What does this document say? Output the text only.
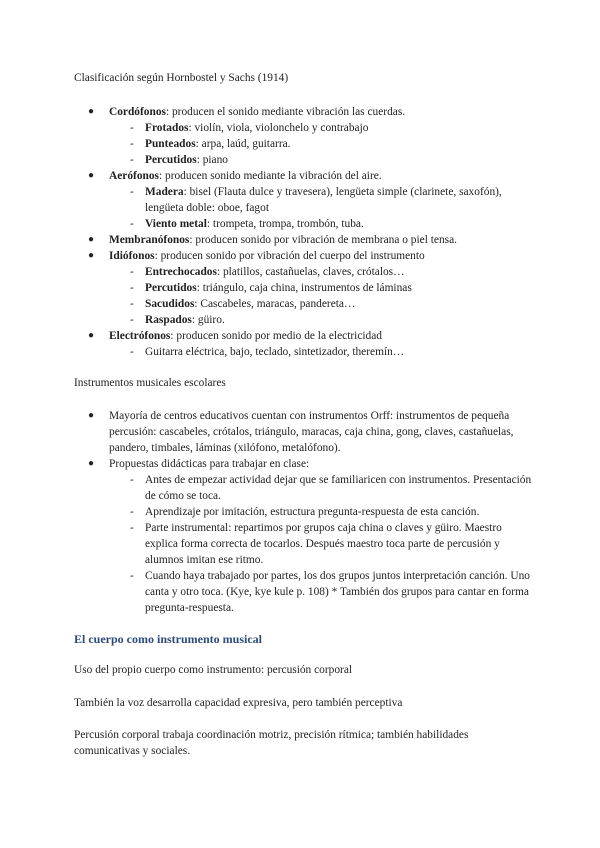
Clasificación según Hornbostel y Sachs (1914)

● Cordófonos: producen el sonido mediante vibración las cuerdas.
- Frotados: violín, viola, violonchelo y contrabajo
- Punteados: arpa, laúd, guitarra.
- Percutidos: piano
● Aerófonos: producen sonido mediante la vibración del aire.
- Madera: bisel (Flauta dulce y travesera), lengüeta simple (clarinete, saxofón), lengüeta doble: oboe, fagot
- Viento metal: trompeta, trompa, trombón, tuba.
● Membranófonos: producen sonido por vibración de membrana o piel tensa.
● Idiófonos: producen sonido por vibración del cuerpo del instrumento
- Entrechocados: platillos, castañuelas, claves, crótalos…
- Percutidos: triángulo, caja china, instrumentos de láminas
- Sacudidos: Cascabeles, maracas, pandereta…
- Raspados: güiro.
● Electrófonos: producen sonido por medio de la electricidad
- Guitarra eléctrica, bajo, teclado, sintetizador, theremín…

Instrumentos musicales escolares

● Mayoría de centros educativos cuentan con instrumentos Orff: instrumentos de pequeña percusión: cascabeles, crótalos, triángulo, maracas, caja china, gong, claves, castañuelas, pandero, timbales, láminas (xilófono, metalófono).
● Propuestas didácticas para trabajar en clase:
- Antes de empezar actividad dejar que se familiaricen con instrumentos. Presentación de cómo se toca.
- Aprendizaje por imitación, estructura pregunta-respuesta de esta canción.
- Parte instrumental: repartimos por grupos caja china o claves y güiro. Maestro explica forma correcta de tocarlos. Después maestro toca parte de percusión y alumnos imitan ese ritmo.
- Cuando haya trabajado por partes, los dos grupos juntos interpretación canción. Uno canta y otro toca. (Kye, kye kule p. 108) * También dos grupos para cantar en forma pregunta-respuesta.
El cuerpo como instrumento musical

Uso del propio cuerpo como instrumento: percusión corporal

También la voz desarrolla capacidad expresiva, pero también perceptiva

Percusión corporal trabaja coordinación motriz, precisión rítmica; también habilidades comunicativas y sociales.
